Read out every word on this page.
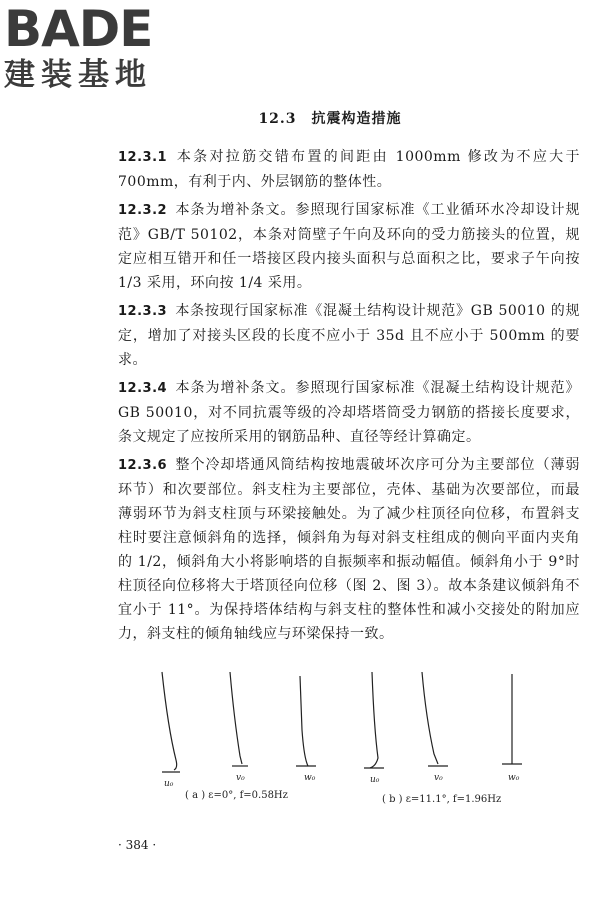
BADE
建装基地
12.3　抗震构造措施

12.3.1 本条对拉筋交错布置的间距由 1000mm 修改为不应大于 700mm，有利于内、外层钢筋的整体性。

12.3.2 本条为增补条文。参照现行国家标准《工业循环水冷却设计规范》GB/T 50102，本条对筒壁子午向及环向的受力筋接头的位置，规定应相互错开和任一塔接区段内接头面积与总面积之比，要求子午向按 1/3 采用，环向按 1/4 采用。

12.3.3 本条按现行国家标准《混凝土结构设计规范》GB 50010 的规定，增加了对接头区段的长度不应小于 35d 且不应小于 500mm 的要求。

12.3.4 本条为增补条文。参照现行国家标准《混凝土结构设计规范》GB 50010，对不同抗震等级的冷却塔塔筒受力钢筋的搭接长度要求，条文规定了应按所采用的钢筋品种、直径等经计算确定。

12.3.6 整个冷却塔通风筒结构按地震破坏次序可分为主要部位（薄弱环节）和次要部位。斜支柱为主要部位，壳体、基础为次要部位，而最薄弱环节为斜支柱顶与环梁接触处。为了减少柱顶径向位移，布置斜支柱时要注意倾斜角的选择，倾斜角为每对斜支柱组成的侧向平面内夹角的 1/2，倾斜角大小将影响塔的自振频率和振动幅值。倾斜角小于 9°时柱顶径向位移将大于塔顶径向位移（图 2、图 3）。故本条建议倾斜角不宜小于 11°。为保持塔体结构与斜支柱的整体性和减小交接处的附加应力，斜支柱的倾角轴线应与环梁保持一致。

u₀
v₀	w₀	u₀	v₀	w₀
( a ) ε=0°, f=0.58Hz	( b ) ε=11.1°, f=1.96Hz
· 384 ·
